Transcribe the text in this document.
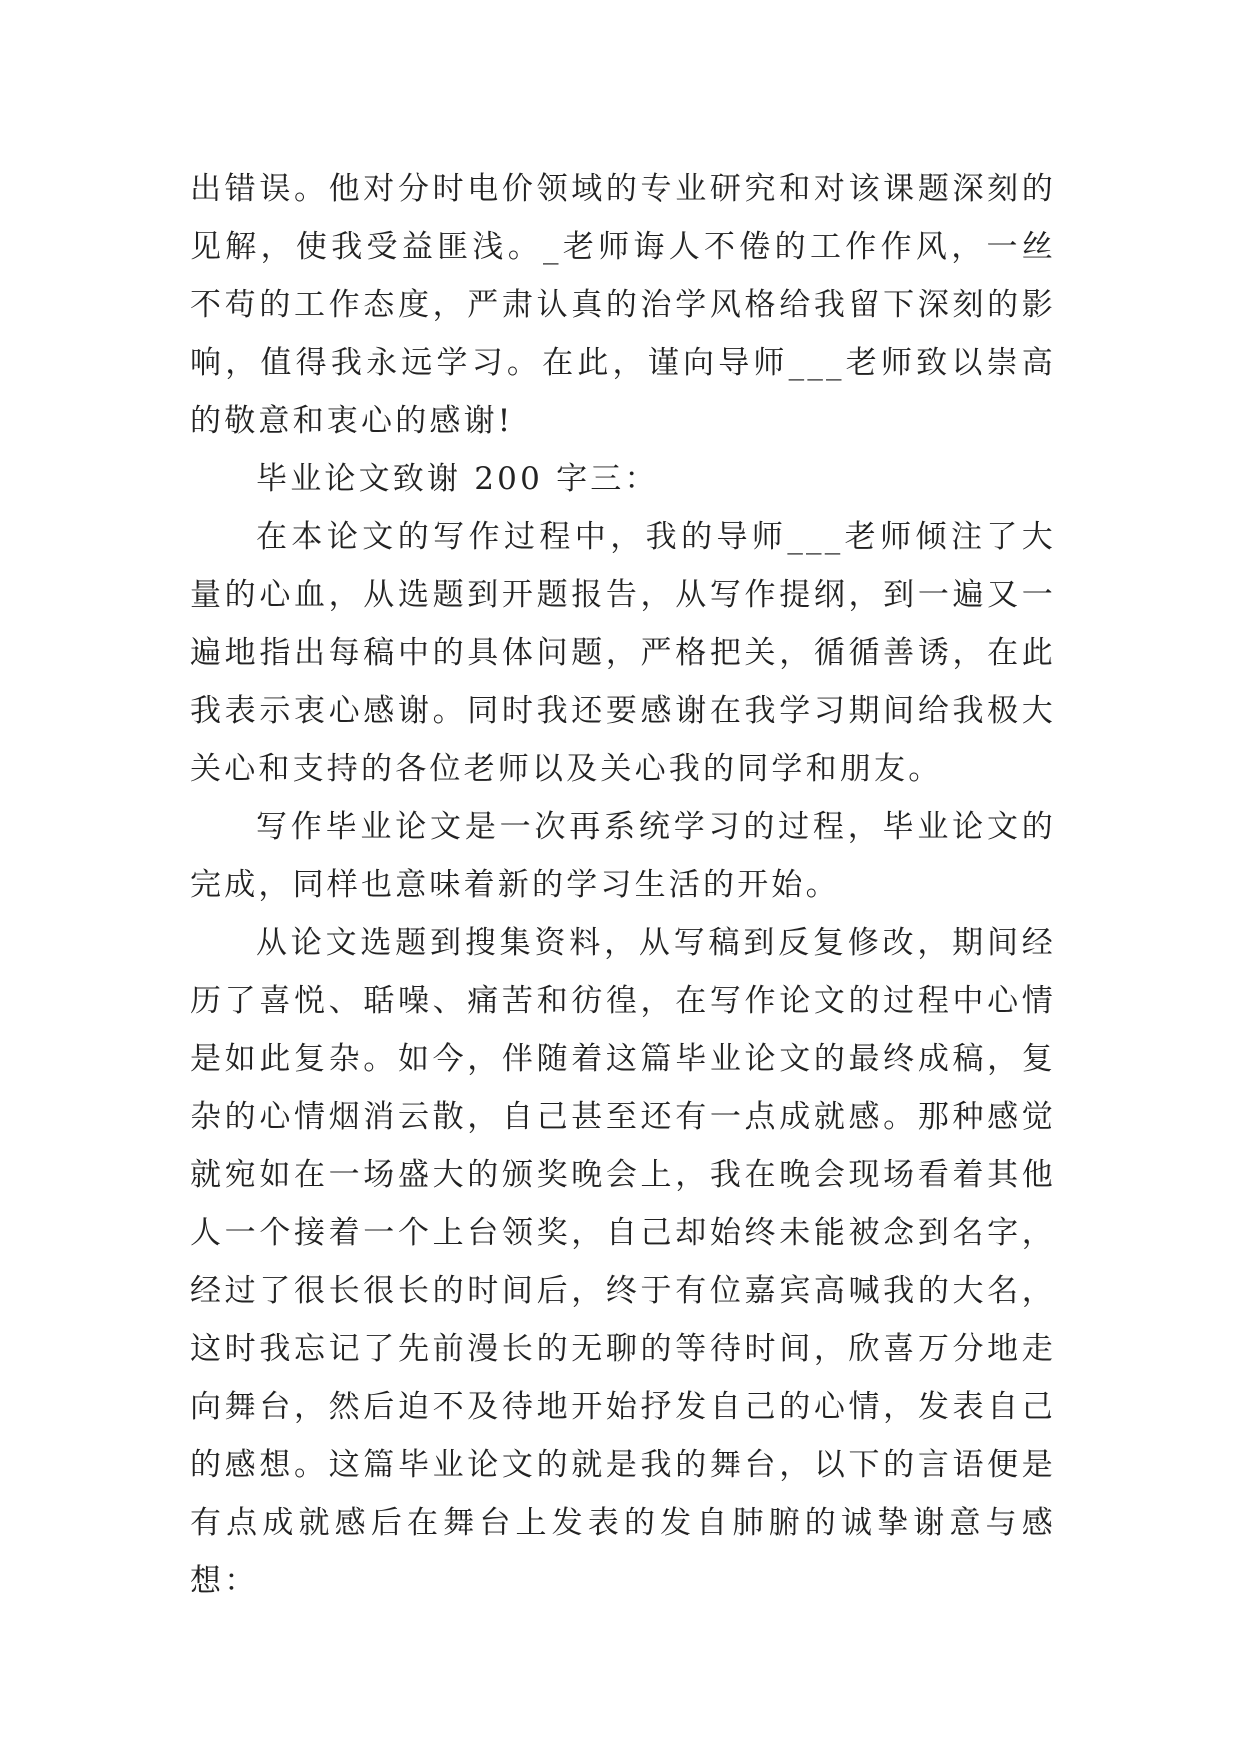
出错误。他对分时电价领域的专业研究和对该课题深刻的见解，使我受益匪浅。_老师诲人不倦的工作作风，一丝不苟的工作态度，严肃认真的治学风格给我留下深刻的影响，值得我永远学习。在此，谨向导师___老师致以崇高的敬意和衷心的感谢!

毕业论文致谢 200 字三：

在本论文的写作过程中，我的导师___老师倾注了大量的心血，从选题到开题报告，从写作提纲，到一遍又一遍地指出每稿中的具体问题，严格把关，循循善诱，在此我表示衷心感谢。同时我还要感谢在我学习期间给我极大关心和支持的各位老师以及关心我的同学和朋友。

写作毕业论文是一次再系统学习的过程，毕业论文的完成，同样也意味着新的学习生活的开始。

从论文选题到搜集资料，从写稿到反复修改，期间经历了喜悦、聒噪、痛苦和彷徨，在写作论文的过程中心情是如此复杂。如今，伴随着这篇毕业论文的最终成稿，复杂的心情烟消云散，自己甚至还有一点成就感。那种感觉就宛如在一场盛大的颁奖晚会上，我在晚会现场看着其他人一个接着一个上台领奖，自己却始终未能被念到名字，经过了很长很长的时间后，终于有位嘉宾高喊我的大名，这时我忘记了先前漫长的无聊的等待时间，欣喜万分地走向舞台，然后迫不及待地开始抒发自己的心情，发表自己的感想。这篇毕业论文的就是我的舞台，以下的言语便是有点成就感后在舞台上发表的发自肺腑的诚挚谢意与感想：
